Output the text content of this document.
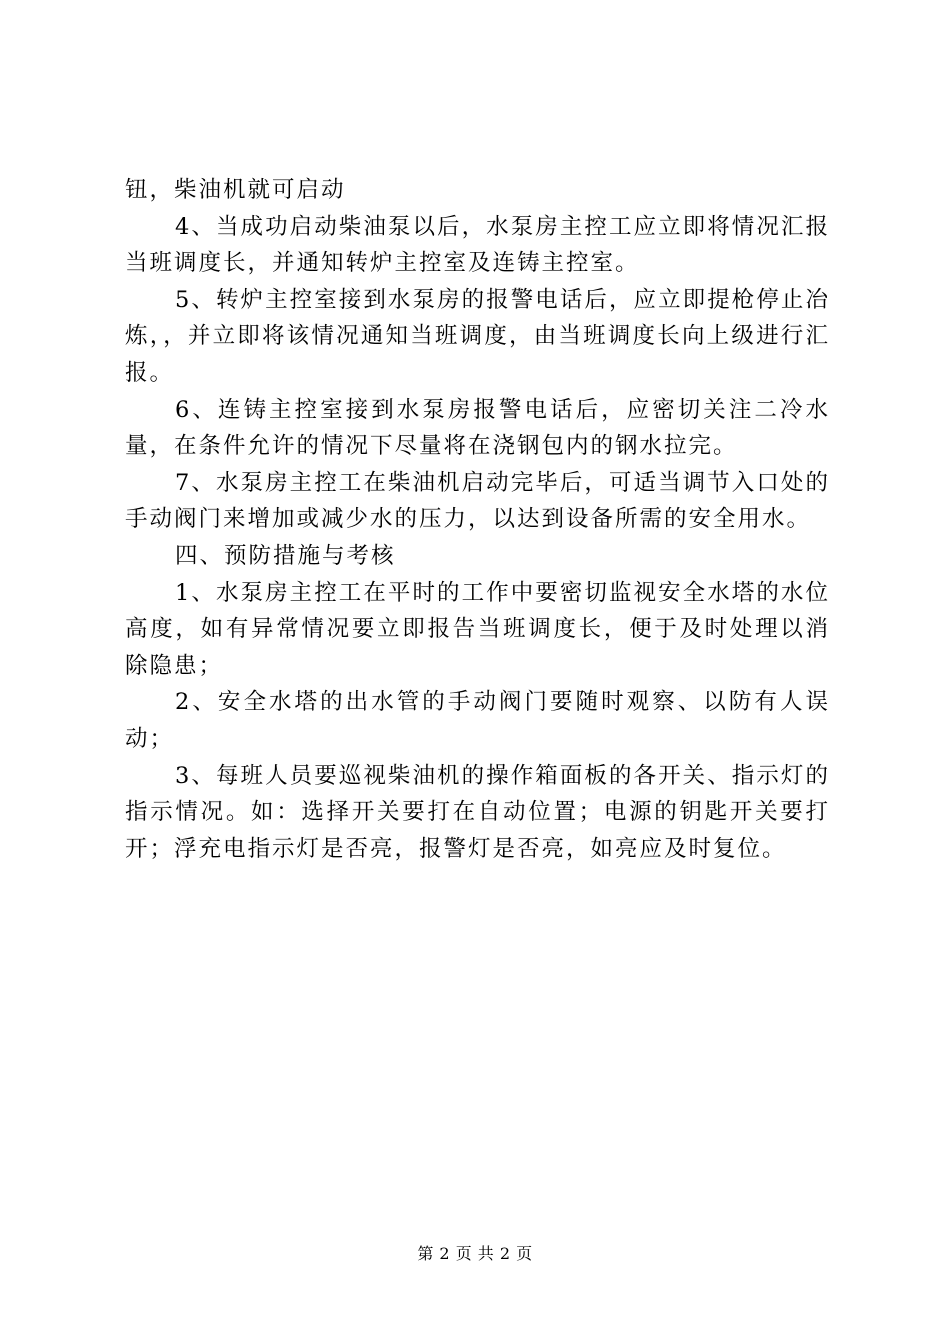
钮，柴油机就可启动

4、当成功启动柴油泵以后，水泵房主控工应立即将情况汇报当班调度长，并通知转炉主控室及连铸主控室。

5、转炉主控室接到水泵房的报警电话后，应立即提枪停止冶炼，，并立即将该情况通知当班调度，由当班调度长向上级进行汇报。

6、连铸主控室接到水泵房报警电话后，应密切关注二冷水量，在条件允许的情况下尽量将在浇钢包内的钢水拉完。

7、水泵房主控工在柴油机启动完毕后，可适当调节入口处的手动阀门来增加或减少水的压力，以达到设备所需的安全用水。

四、预防措施与考核

1、水泵房主控工在平时的工作中要密切监视安全水塔的水位高度，如有异常情况要立即报告当班调度长，便于及时处理以消除隐患；

2、安全水塔的出水管的手动阀门要随时观察、以防有人误动；

3、每班人员要巡视柴油机的操作箱面板的各开关、指示灯的指示情况。如：选择开关要打在自动位置；电源的钥匙开关要打开；浮充电指示灯是否亮，报警灯是否亮，如亮应及时复位。

第 2 页 共 2 页
